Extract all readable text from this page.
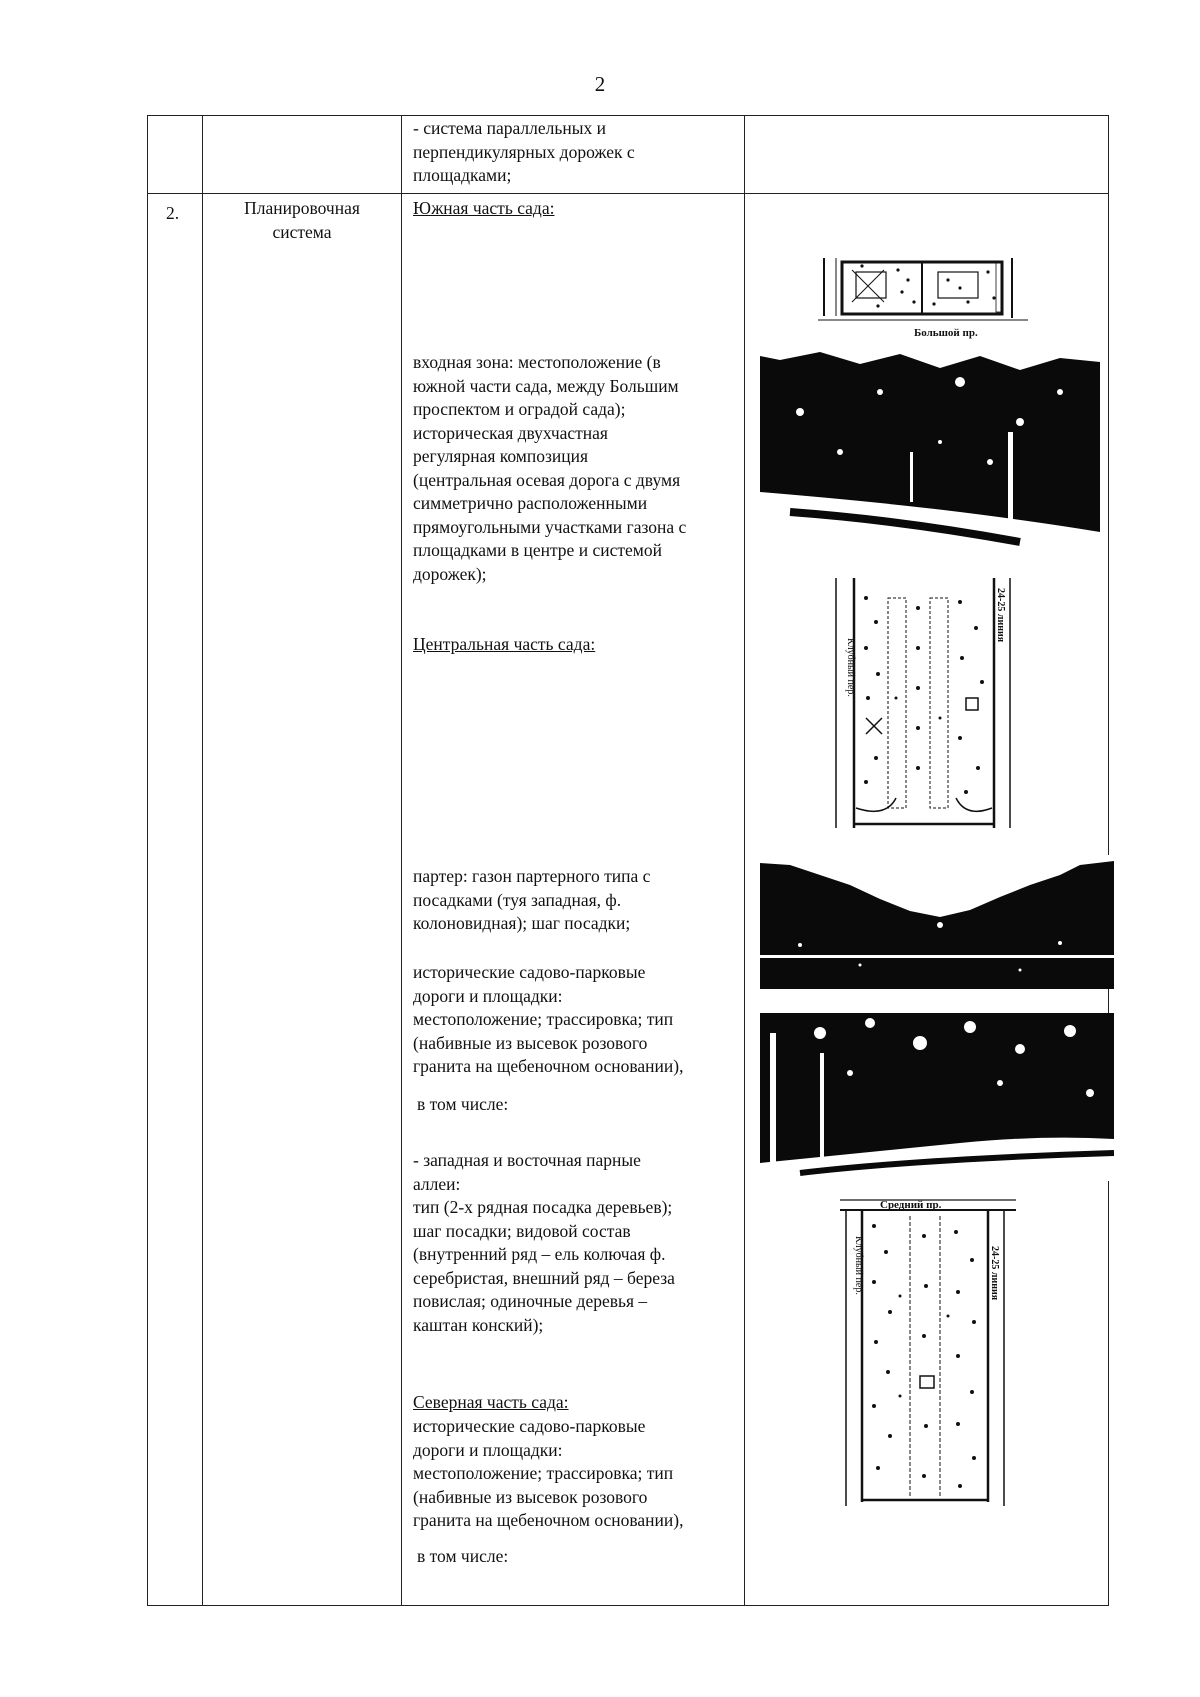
2
- система параллельных и
перпендикулярных дорожек с
площадками;
2.	Планировочная
система
Южная часть сада:
входная зона: местоположение (в
южной части сада, между Большим
проспектом и оградой сада);
историческая двухчастная
регулярная композиция
(центральная осевая дорога с двумя
симметрично расположенными
прямоугольными участками газона с
площадками в центре и системой
дорожек);
Центральная часть сада:
партер: газон партерного типа с
посадками (туя западная, ф.
колоновидная); шаг посадки;
исторические садово-парковые
дороги и площадки:
местоположение; трассировка; тип
(набивные из высевок розового
гранита на щебеночном основании),
в том числе:
- западная и восточная парные
аллеи:
тип (2-х рядная посадка деревьев);
шаг посадки; видовой состав
(внутренний ряд – ель колючая ф.
серебристая, внешний ряд – береза
повислая; одиночные деревья –
каштан конский);
Северная часть сада:
исторические садово-парковые
дороги и площадки:
местоположение; трассировка; тип
(набивные из высевок розового
гранита на щебеночном основании),
в том числе:
Большой пр.
Клубный пер.
24-25 линия
Средний пр.
Клубный пер.	24-25 линия
